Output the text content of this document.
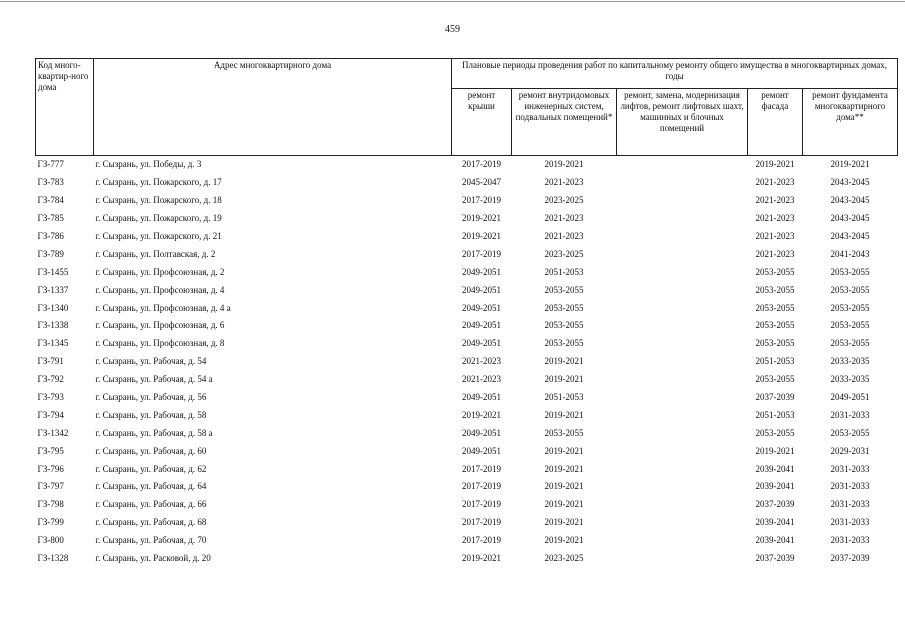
459
Код много-квартир-ного дома	Адрес многоквартирного дома	Плановые периоды проведения работ по капитальному ремонту общего имущества в многоквартирных домах, годы				
		ремонт крыши	ремонт внутридомовых инженерных систем, подвальных помещений*	ремонт, замена, модернизация лифтов, ремонт лифтовых шахт, машинных и блочных помещений	ремонт фасада	ремонт фундамента многоквартирного дома**
ГЗ-777	г. Сызрань, ул. Победы, д. 3	2017-2019	2019-2021		2019-2021	2019-2021
ГЗ-783	г. Сызрань, ул. Пожарского, д. 17	2045-2047	2021-2023		2021-2023	2043-2045
ГЗ-784	г. Сызрань, ул. Пожарского, д. 18	2017-2019	2023-2025		2021-2023	2043-2045
ГЗ-785	г. Сызрань, ул. Пожарского, д. 19	2019-2021	2021-2023		2021-2023	2043-2045
ГЗ-786	г. Сызрань, ул. Пожарского, д. 21	2019-2021	2021-2023		2021-2023	2043-2045
ГЗ-789	г. Сызрань, ул. Полтавская, д. 2	2017-2019	2023-2025		2021-2023	2041-2043
ГЗ-1455	г. Сызрань, ул. Профсоюзная, д. 2	2049-2051	2051-2053		2053-2055	2053-2055
ГЗ-1337	г. Сызрань, ул. Профсоюзная, д. 4	2049-2051	2053-2055		2053-2055	2053-2055
ГЗ-1340	г. Сызрань, ул. Профсоюзная, д. 4 а	2049-2051	2053-2055		2053-2055	2053-2055
ГЗ-1338	г. Сызрань, ул. Профсоюзная, д. 6	2049-2051	2053-2055		2053-2055	2053-2055
ГЗ-1345	г. Сызрань, ул. Профсоюзная, д. 8	2049-2051	2053-2055		2053-2055	2053-2055
ГЗ-791	г. Сызрань, ул. Рабочая, д. 54	2021-2023	2019-2021		2051-2053	2033-2035
ГЗ-792	г. Сызрань, ул. Рабочая, д. 54 а	2021-2023	2019-2021		2053-2055	2033-2035
ГЗ-793	г. Сызрань, ул. Рабочая, д. 56	2049-2051	2051-2053		2037-2039	2049-2051
ГЗ-794	г. Сызрань, ул. Рабочая, д. 58	2019-2021	2019-2021		2051-2053	2031-2033
ГЗ-1342	г. Сызрань, ул. Рабочая, д. 58 а	2049-2051	2053-2055		2053-2055	2053-2055
ГЗ-795	г. Сызрань, ул. Рабочая, д. 60	2049-2051	2019-2021		2019-2021	2029-2031
ГЗ-796	г. Сызрань, ул. Рабочая, д. 62	2017-2019	2019-2021		2039-2041	2031-2033
ГЗ-797	г. Сызрань, ул. Рабочая, д. 64	2017-2019	2019-2021		2039-2041	2031-2033
ГЗ-798	г. Сызрань, ул. Рабочая, д. 66	2017-2019	2019-2021		2037-2039	2031-2033
ГЗ-799	г. Сызрань, ул. Рабочая, д. 68	2017-2019	2019-2021		2039-2041	2031-2033
ГЗ-800	г. Сызрань, ул. Рабочая, д. 70	2017-2019	2019-2021		2039-2041	2031-2033
ГЗ-1328	г. Сызрань, ул. Расковой, д. 20	2019-2021	2023-2025		2037-2039	2037-2039
